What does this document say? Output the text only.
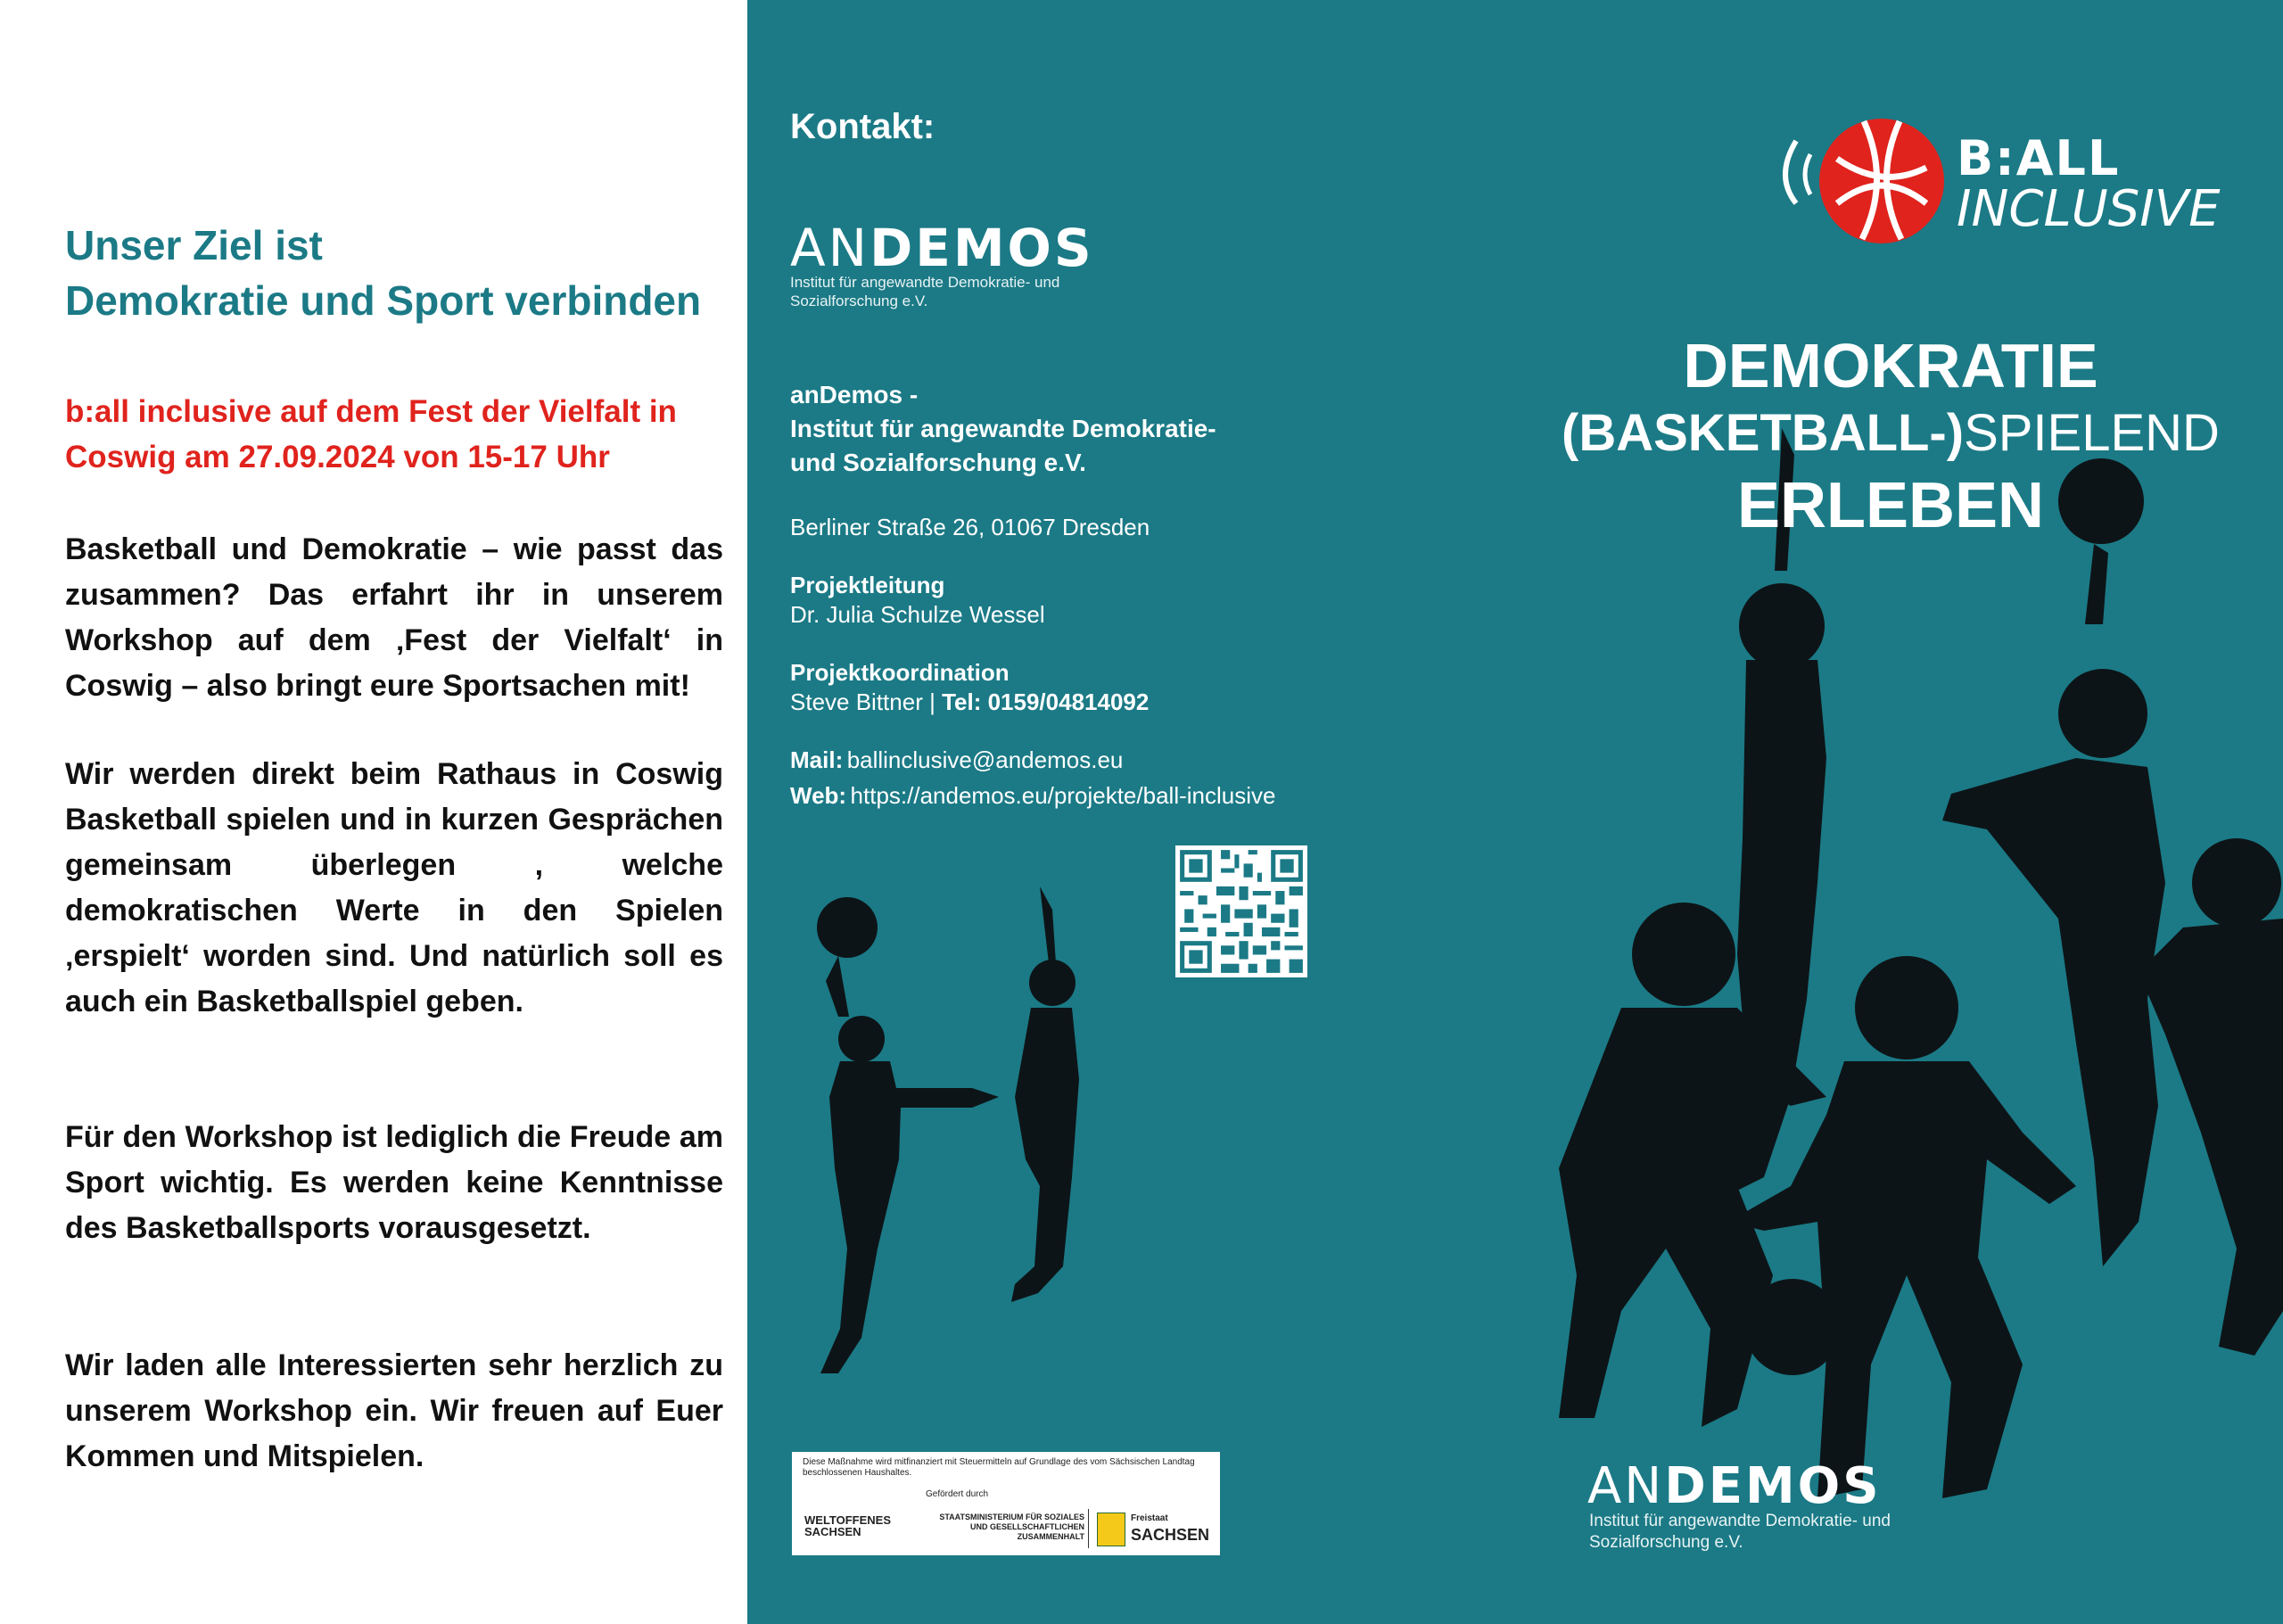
Unser Ziel ist
Demokratie und Sport verbinden
b:all inclusive auf dem Fest der Vielfalt in Coswig am 27.09.2024 von 15-17 Uhr
Basketball und Demokratie – wie passt das zusammen? Das erfahrt ihr in unserem Workshop auf dem ‚Fest der Vielfalt‘ in Coswig – also bringt eure Sportsachen mit!
Wir werden direkt beim Rathaus in Coswig Basketball spielen und in kurzen Gesprächen gemeinsam überlegen , welche demokratischen Werte in den Spielen ‚erspielt‘ worden sind. Und natürlich soll es auch ein Basketballspiel geben.
Für den Workshop ist lediglich die Freude am Sport wichtig. Es werden keine Kenntnisse des Basketballsports vorausgesetzt.
Wir laden alle Interessierten sehr herzlich zu unserem Workshop ein. Wir freuen auf Euer Kommen und Mitspielen.
Kontakt:
ANDEMOS
Institut für angewandte Demokratie- und Sozialforschung e.V.
anDemos -
Institut für angewandte Demokratie-
und Sozialforschung e.V.
Berliner Straße 26, 01067 Dresden
Projektleitung
Dr. Julia Schulze Wessel
Projektkoordination
Steve Bittner | Tel: 0159/04814092
Mail: ballinclusive@andemos.eu
Web: https://andemos.eu/projekte/ball-inclusive
Diese Maßnahme wird mitfinanziert mit Steuermitteln auf Grundlage des vom Sächsischen Landtag beschlossenen Haushaltes.
Gefördert durch
WELTOFFENES
SACHSEN
STAATSMINISTERIUM FÜR SOZIALES UND GESELLSCHAFTLICHEN ZUSAMMENHALT
Freistaat
SACHSEN
B:ALL
INCLUSIVE
DEMOKRATIE
(BASKETBALL-)SPIELEND
ERLEBEN
ANDEMOS
Institut für angewandte Demokratie- und Sozialforschung e.V.
